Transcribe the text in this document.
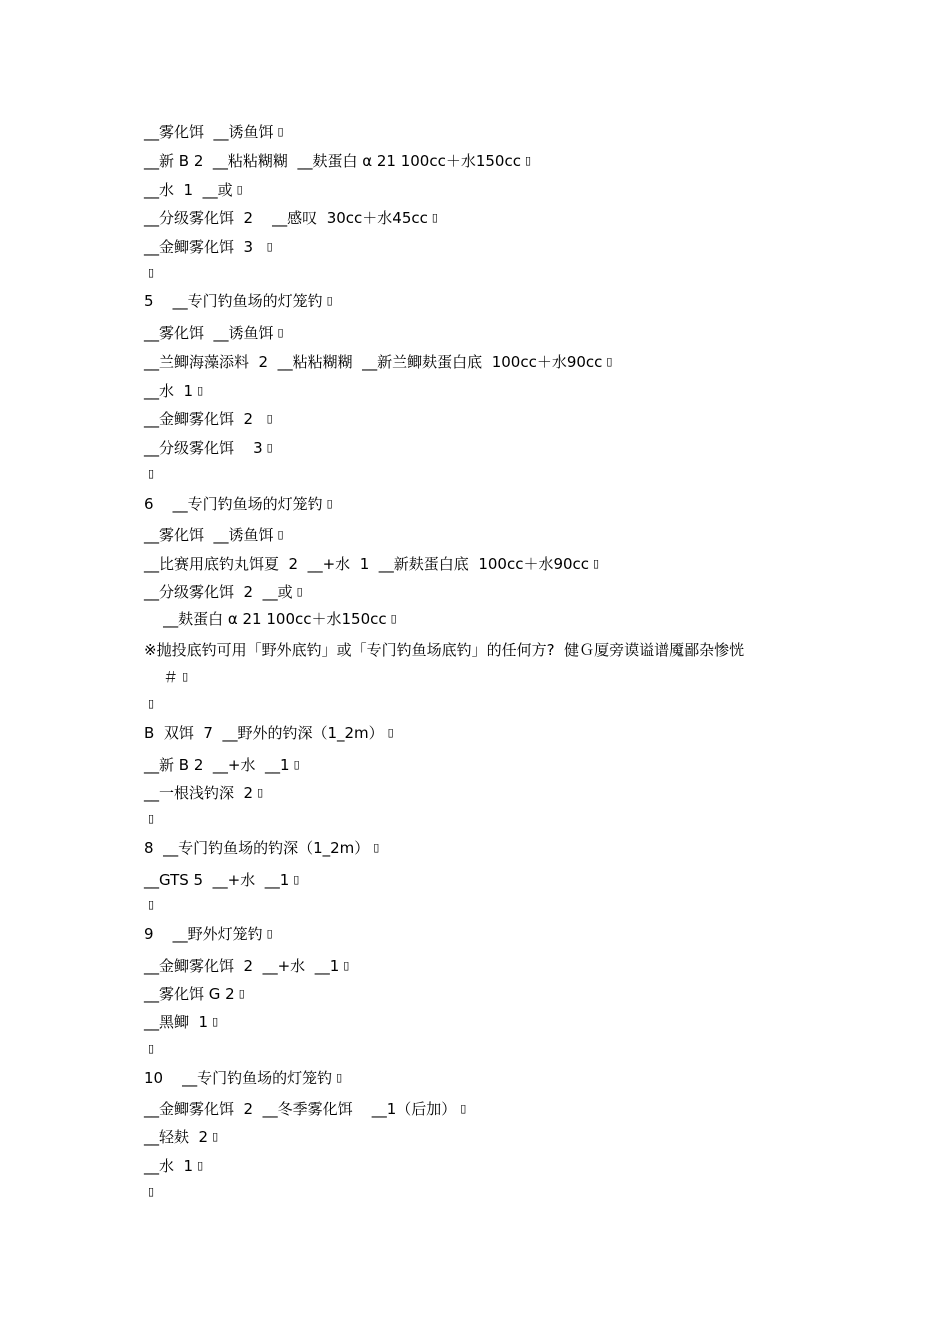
__雾化饵  __诱鱼饵 ▯
__新 B 2  __粘粘糊糊  __麸蛋白 α 21 100cc＋水150cc ▯
__水  1  __或 ▯
__分级雾化饵  2    __感叹  30cc＋水45cc ▯
__金鲫雾化饵  3  ▯
▯
5    __专门钓鱼场的灯笼钓 ▯
__雾化饵  __诱鱼饵 ▯
__兰鲫海藻添料  2  __粘粘糊糊  __新兰鲫麸蛋白底  100cc＋水90cc ▯
__水  1 ▯
__金鲫雾化饵  2  ▯
__分级雾化饵    3 ▯
▯
6    __专门钓鱼场的灯笼钓 ▯
__雾化饵  __诱鱼饵 ▯
__比赛用底钓丸饵夏  2  __+水  1  __新麸蛋白底  100cc＋水90cc ▯
__分级雾化饵  2  __或 ▯
__麸蛋白 α 21 100cc＋水150cc ▯
※抛投底钓可用「野外底钓」或「专门钓鱼场底钓」的任何方?  健Ｇ厦旁谟谥谱魇鄙杂惨恍
＃ ▯
▯
B  双饵  7  __野外的钓深（1_2m） ▯
__新 B 2  __+水  __1 ▯
__一根浅钓深  2 ▯
▯
8  __专门钓鱼场的钓深（1_2m） ▯
__GTS 5  __+水  __1 ▯
▯
9    __野外灯笼钓 ▯
__金鲫雾化饵  2  __+水  __1 ▯
__雾化饵 G 2 ▯
__黑鲫  1 ▯
▯
10    __专门钓鱼场的灯笼钓 ▯
__金鲫雾化饵  2  __冬季雾化饵    __1（后加） ▯
__轻麸  2 ▯
__水  1 ▯
▯
